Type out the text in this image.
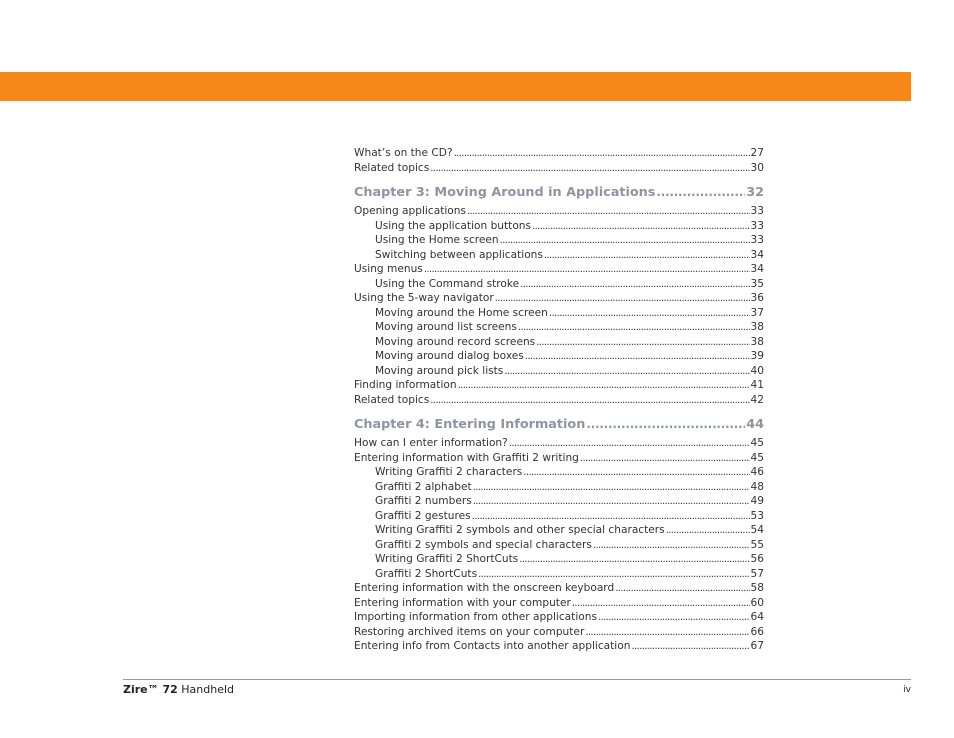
What’s on the CD? . . .	27
Related topics . . .	30
Chapter 3: Moving Around in Applications . . .	32
Opening applications . . .	33
Using the application buttons . . .	33
Using the Home screen . . .	33
Switching between applications . . .	34
Using menus . . .	34
Using the Command stroke . . .	35
Using the 5-way navigator . . .	36
Moving around the Home screen . . .	37
Moving around list screens . . .	38
Moving around record screens . . .	38
Moving around dialog boxes . . .	39
Moving around pick lists . . .	40
Finding information . . .	41
Related topics . . .	42
Chapter 4: Entering Information . . .	44
How can I enter information? . . .	45
Entering information with Graffiti 2 writing . . .	45
Writing Graffiti 2 characters . . .	46
Graffiti 2 alphabet . . .	48
Graffiti 2 numbers . . .	49
Graffiti 2 gestures . . .	53
Writing Graffiti 2 symbols and other special characters . . .	54
Graffiti 2 symbols and special characters . . .	55
Writing Graffiti 2 ShortCuts . . .	56
Graffiti 2 ShortCuts . . .	57
Entering information with the onscreen keyboard . . .	58
Entering information with your computer . . .	60
Importing information from other applications . . .	64
Restoring archived items on your computer . . .	66
Entering info from Contacts into another application . . .	67
Zire™ 72 Handheld	iv
